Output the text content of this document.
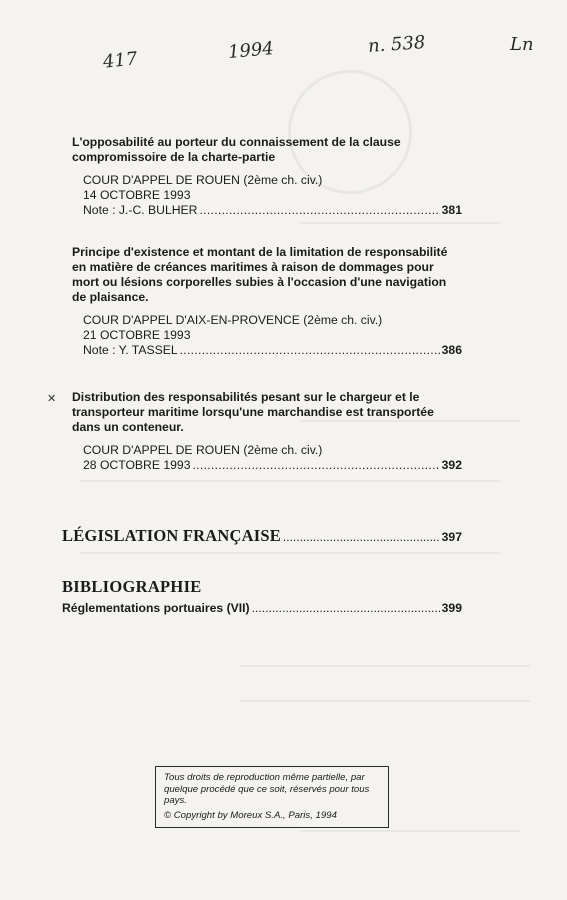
417	1994	n. 538	Ln

L'opposabilité au porteur du connaissement de la clause compromissoire de la charte-partie

COUR D'APPEL DE ROUEN (2ème ch. civ.)
14 OCTOBRE 1993
Note : J.-C. BULHER .....	381

Principe d'existence et montant de la limitation de responsabilité en matière de créances maritimes à raison de dommages pour mort ou lésions corporelles subies à l'occasion d'une navigation de plaisance.

COUR D'APPEL D'AIX-EN-PROVENCE (2ème ch. civ.)
21 OCTOBRE 1993
Note : Y. TASSEL .....	386
✕ Distribution des responsabilités pesant sur le chargeur et le transporteur maritime lorsqu'une marchandise est transportée dans un conteneur.

COUR D'APPEL DE ROUEN (2ème ch. civ.)
28 OCTOBRE 1993 .....	392
LÉGISLATION FRANÇAISE .....	397
BIBLIOGRAPHIE
Réglementations portuaires (VII) .....	399

Tous droits de reproduction même partielle, par quelque procédé que ce soit, réservés pour tous pays.

© Copyright by Moreux S.A., Paris, 1994
